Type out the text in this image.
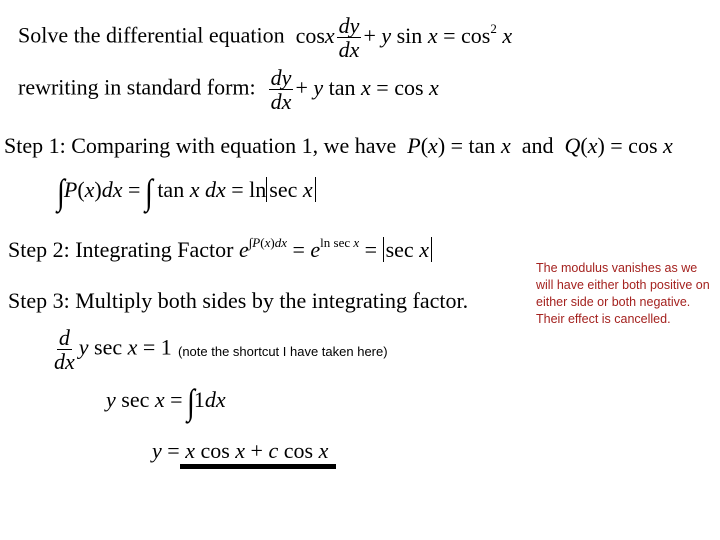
Solve the differential equation  cosx $\frac{dy}{dx} + y$ $\sin x = \cos^2 x$
rewriting in standard form: $\frac{dy}{dx} + y$ tan x = cos x
Step 1: Comparing with equation 1, we have P(x) = tan x and Q(x) = cos x
∫P(x)dx = ∫ tan x dx = ln sec x
Step 2: Integrating Factor $e^{\int P(x)dx} = e^{ln sec x} = \sec x$
Step 3: Multiply both sides by the integrating factor.
$\frac{d}{dx}$ y sec x = 1 (note the shortcut I have taken here)
y sec x = ∫1dx
y = x cos x + c cos x
The modulus vanishes as we will have either both positive on either side or both negative. Their effect is cancelled.
